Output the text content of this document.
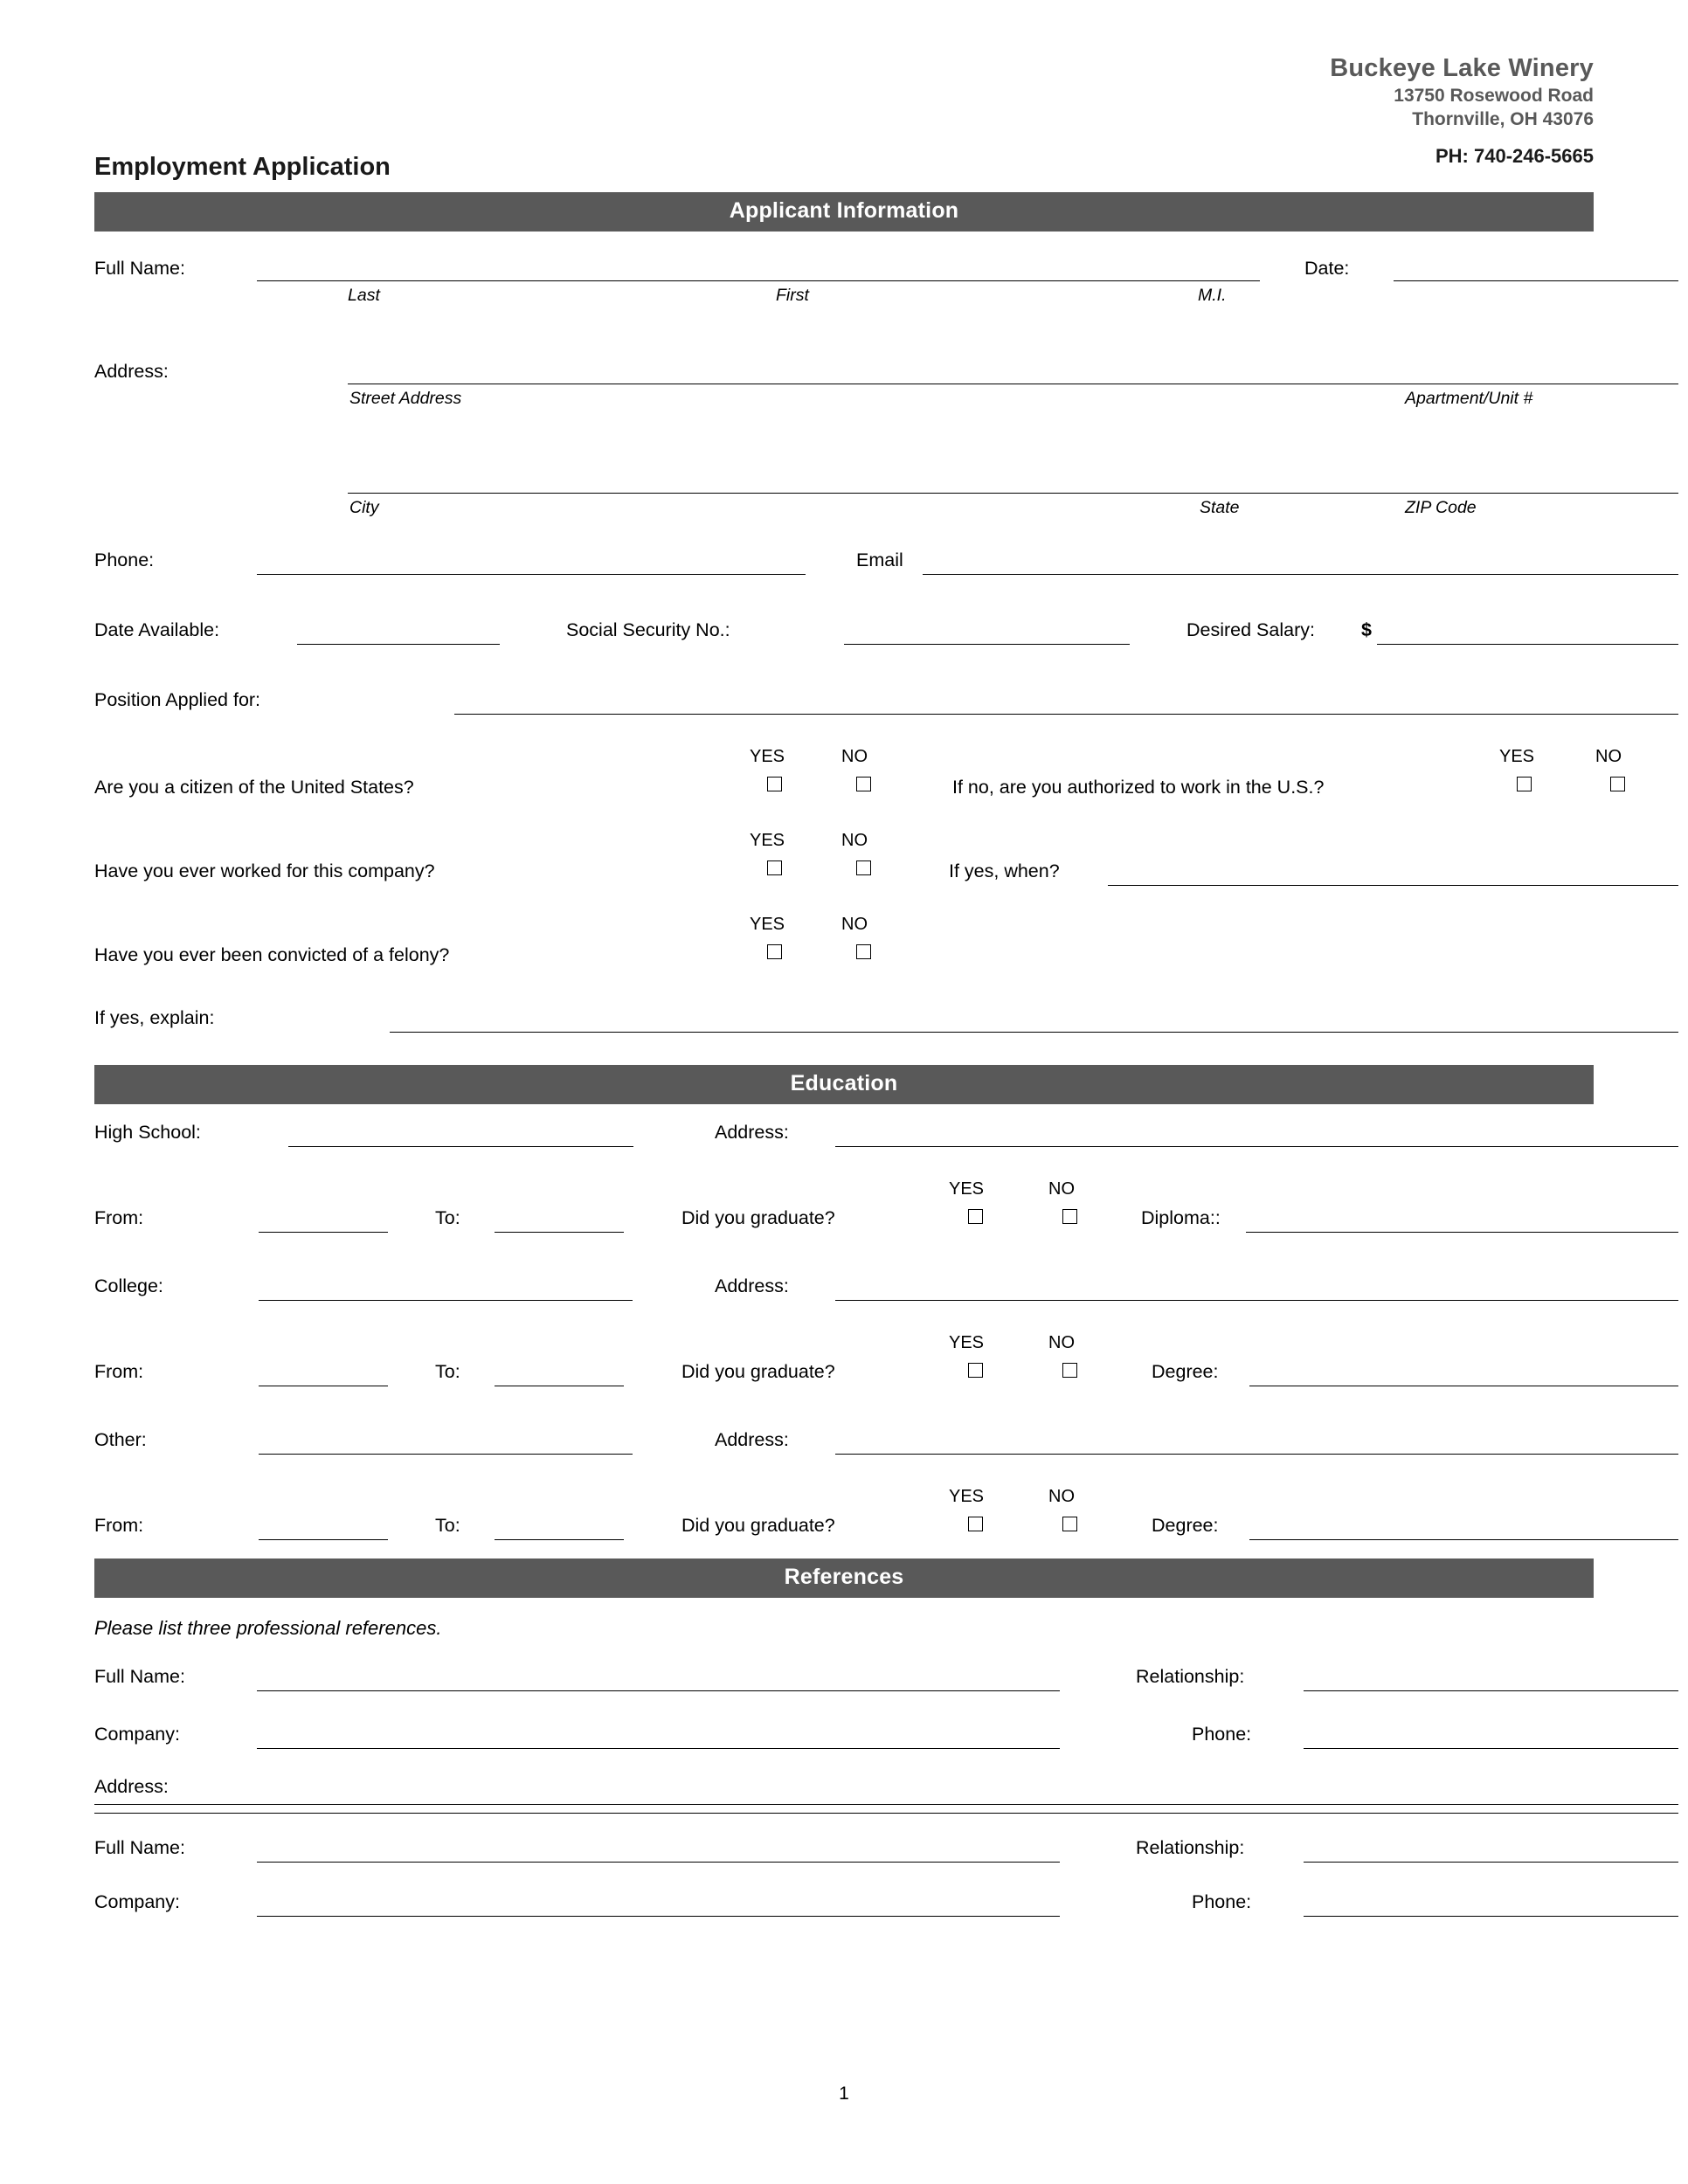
Buckeye Lake Winery
13750 Rosewood Road
Thornville, OH 43076
PH: 740-246-5665
Employment Application
Applicant Information
Full Name:	Date:
Last	First	M.I.
Address:
Street Address	Apartment/Unit #
City	State	ZIP Code
Phone:	Email
Date Available:	Social Security No.:	Desired Salary: $
Position Applied for:
Are you a citizen of the United States?
YES	NO
If no, are you authorized to work in the U.S.?
YES	NO
Have you ever worked for this company?
YES	NO
If yes, when?
Have you ever been convicted of a felony?
YES	NO
If yes, explain:
Education
High School:	Address:
From:	To:	Did you graduate?
YES	NO
Diploma::
College:	Address:
From:	To:	Did you graduate?
YES	NO
Degree:
Other:	Address:
From:	To:	Did you graduate?
YES	NO
Degree:
References
Please list three professional references.
Full Name:	Relationship:
Company:	Phone:
Address:
Full Name:	Relationship:
Company:	Phone:
1
